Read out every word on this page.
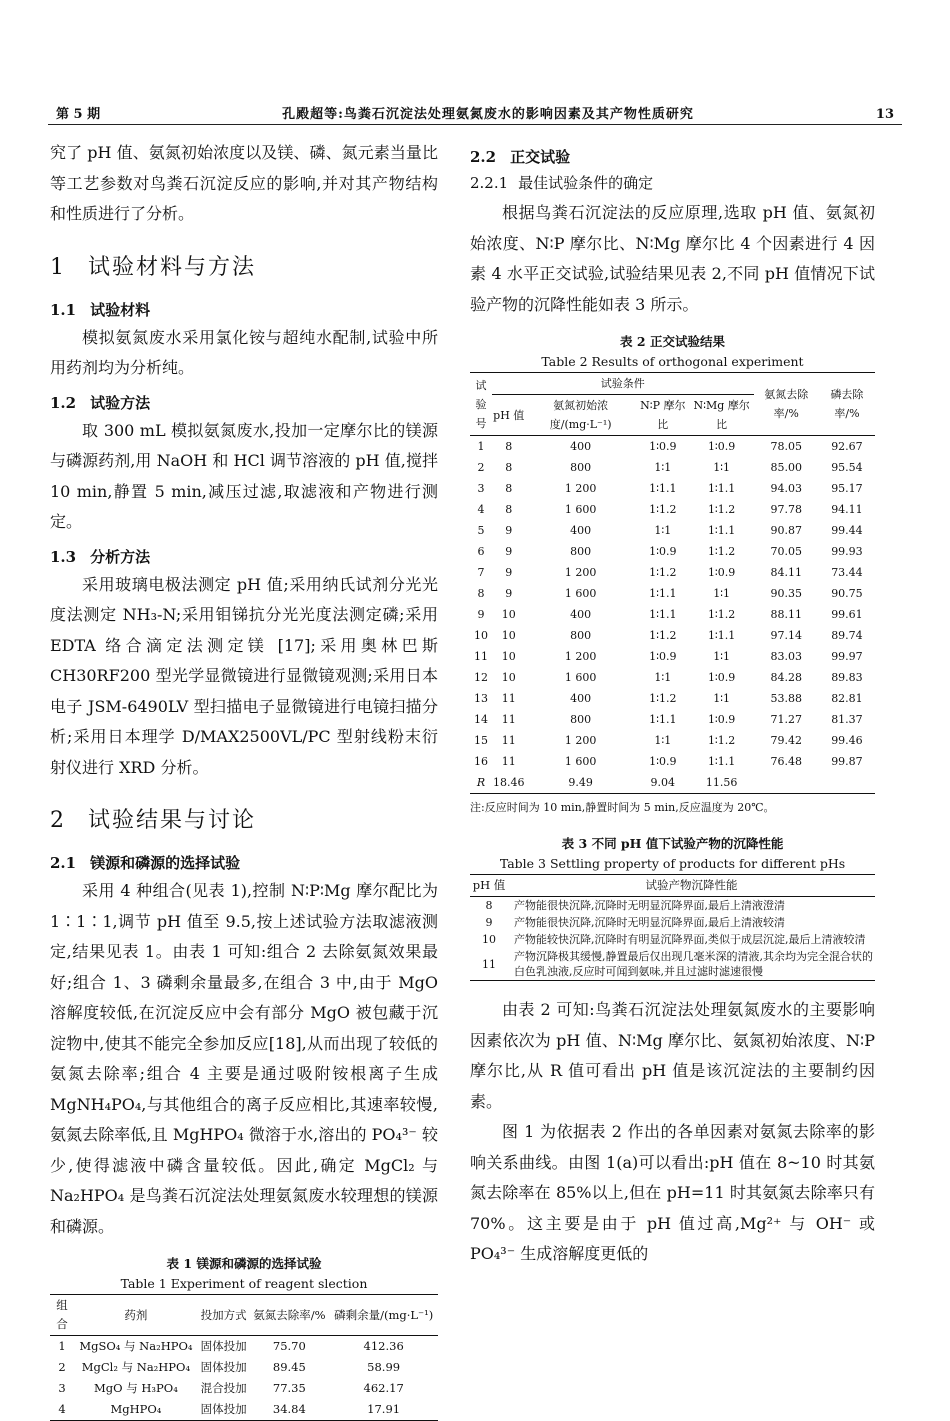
第 5 期	孔殿超等:鸟粪石沉淀法处理氨氮废水的影响因素及其产物性质研究	13

究了 pH 值、氨氮初始浓度以及镁、磷、氮元素当量比等工艺参数对鸟粪石沉淀反应的影响,并对其产物结构和性质进行了分析。

1 试验材料与方法
1.1 试验材料

模拟氨氮废水采用氯化铵与超纯水配制,试验中所用药剂均为分析纯。

1.2 试验方法

取 300 mL 模拟氨氮废水,投加一定摩尔比的镁源与磷源药剂,用 NaOH 和 HCl 调节溶液的 pH 值,搅拌 10 min,静置 5 min,减压过滤,取滤液和产物进行测定。

1.3 分析方法

采用玻璃电极法测定 pH 值;采用纳氏试剂分光光度法测定 NH₃-N;采用钼锑抗分光光度法测定磷;采用 EDTA 络合滴定法测定镁 [17];采用奥林巴斯 CH30RF200 型光学显微镜进行显微镜观测;采用日本电子 JSM-6490LV 型扫描电子显微镜进行电镜扫描分析;采用日本理学 D/MAX2500VL/PC 型射线粉末衍射仪进行 XRD 分析。

2 试验结果与讨论
2.1 镁源和磷源的选择试验

采用 4 种组合(见表 1),控制 N∶P∶Mg 摩尔配比为 1∶1∶1,调节 pH 值至 9.5,按上述试验方法取滤液测定,结果见表 1。由表 1 可知:组合 2 去除氨氮效果最好;组合 1、3 磷剩余量最多,在组合 3 中,由于 MgO 溶解度较低,在沉淀反应中会有部分 MgO 被包藏于沉淀物中,使其不能完全参加反应[18],从而出现了较低的氨氮去除率;组合 4 主要是通过吸附铵根离子生成 MgNH₄PO₄,与其他组合的离子反应相比,其速率较慢,氨氮去除率低,且 MgHPO₄ 微溶于水,溶出的 PO₄³⁻ 较少,使得滤液中磷含量较低。因此,确定 MgCl₂ 与 Na₂HPO₄ 是鸟粪石沉淀法处理氨氮废水较理想的镁源和磷源。

表 1 镁源和磷源的选择试验
Table 1 Experiment of reagent slection
组合	药剂	投加方式	氨氮去除率/%	磷剩余量/(mg·L⁻¹)
1	MgSO₄ 与 Na₂HPO₄	固体投加	75.70	412.36
2	MgCl₂ 与 Na₂HPO₄	固体投加	89.45	58.99
3	MgO 与 H₃PO₄	混合投加	77.35	462.17
4	MgHPO₄	固体投加	34.84	17.91
2.2 正交试验
2.2.1 最佳试验条件的确定

根据鸟粪石沉淀法的反应原理,选取 pH 值、氨氮初始浓度、N∶P 摩尔比、N∶Mg 摩尔比 4 个因素进行 4 因素 4 水平正交试验,试验结果见表 2,不同 pH 值情况下试验产物的沉降性能如表 3 所示。

表 2 正交试验结果
Table 2 Results of orthogonal experiment
试验号	试验条件				氨氮去除率/%	磷去除率/%
	pH 值	氨氮初始浓度/(mg·L⁻¹)	N∶P 摩尔比	N∶Mg 摩尔比		
1	8	400	1∶0.9	1∶0.9	78.05	92.67
2	8	800	1∶1	1∶1	85.00	95.54
3	8	1 200	1∶1.1	1∶1.1	94.03	95.17
4	8	1 600	1∶1.2	1∶1.2	97.78	94.11
5	9	400	1∶1	1∶1.1	90.87	99.44
6	9	800	1∶0.9	1∶1.2	70.05	99.93
7	9	1 200	1∶1.2	1∶0.9	84.11	73.44
8	9	1 600	1∶1.1	1∶1	90.35	90.75
9	10	400	1∶1.1	1∶1.2	88.11	99.61
10	10	800	1∶1.2	1∶1.1	97.14	89.74
11	10	1 200	1∶0.9	1∶1	83.03	99.97
12	10	1 600	1∶1	1∶0.9	84.28	89.83
13	11	400	1∶1.2	1∶1	53.88	82.81
14	11	800	1∶1.1	1∶0.9	71.27	81.37
15	11	1 200	1∶1	1∶1.2	79.42	99.46
16	11	1 600	1∶0.9	1∶1.1	76.48	99.87
R	18.46	9.49	9.04	11.56		
注:反应时间为 10 min,静置时间为 5 min,反应温度为 20℃。
表 3 不同 pH 值下试验产物的沉降性能
Table 3 Settling property of products for different pHs
pH 值	试验产物沉降性能
8	产物能很快沉降,沉降时无明显沉降界面,最后上清液澄清
9	产物能很快沉降,沉降时无明显沉降界面,最后上清液较清
10	产物能较快沉降,沉降时有明显沉降界面,类似于成层沉淀,最后上清液较清
11	产物沉降极其缓慢,静置最后仅出现几毫米深的清液,其余均为完全混合状的白色乳浊液,反应时可闻到氨味,并且过滤时滤速很慢

由表 2 可知:鸟粪石沉淀法处理氨氮废水的主要影响因素依次为 pH 值、N∶Mg 摩尔比、氨氮初始浓度、N∶P 摩尔比,从 R 值可看出 pH 值是该沉淀法的主要制约因素。

图 1 为依据表 2 作出的各单因素对氨氮去除率的影响关系曲线。由图 1(a)可以看出:pH 值在 8~10 时其氨氮去除率在 85%以上,但在 pH=11 时其氨氮去除率只有 70%。这主要是由于 pH 值过高,Mg²⁺ 与 OH⁻ 或 PO₄³⁻ 生成溶解度更低的
